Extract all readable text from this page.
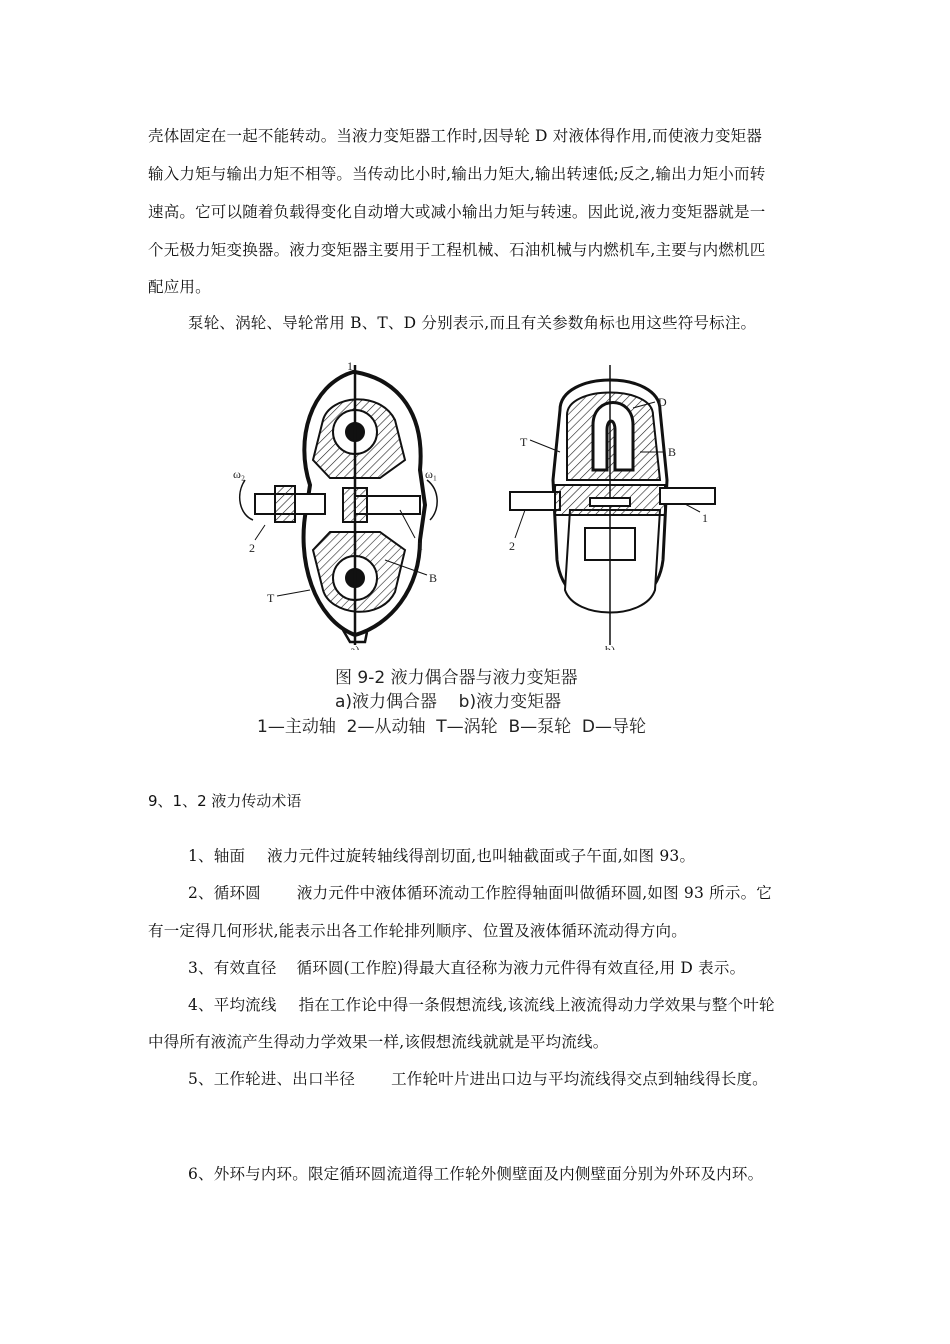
壳体固定在一起不能转动。当液力变矩器工作时,因导轮 D 对液体得作用,而使液力变矩器
输入力矩与输出力矩不相等。当传动比小时,输出力矩大,输出转速低;反之,输出力矩小而转
速高。它可以随着负载得变化自动增大或减小输出力矩与转速。因此说,液力变矩器就是一
个无极力矩变换器。液力变矩器主要用于工程机械、石油机械与内燃机车,主要与内燃机匹
配应用。
泵轮、涡轮、导轮常用 B、T、D 分别表示,而且有关参数角标也用这些符号标注。
ω₂	ω₁
1
2	1
B
T
a)
D
T
B
1
2
b)
图 9-2 液力偶合器与液力变矩器
a)液力偶合器    b)液力变矩器
1—主动轴  2—从动轴  T—涡轮  B—泵轮  D—导轮
9、1、2 液力传动术语
1、轴面 液力元件过旋转轴线得剖切面,也叫轴截面或子午面,如图 93。
2、循环圆 液力元件中液体循环流动工作腔得轴面叫做循环圆,如图 93 所示。它
有一定得几何形状,能表示出各工作轮排列顺序、位置及液体循环流动得方向。
3、有效直径 循环圆(工作腔)得最大直径称为液力元件得有效直径,用 D 表示。
4、平均流线 指在工作论中得一条假想流线,该流线上液流得动力学效果与整个叶轮
中得所有液流产生得动力学效果一样,该假想流线就就是平均流线。
5、工作轮进、出口半径 工作轮叶片进出口边与平均流线得交点到轴线得长度。
6、外环与内环。限定循环圆流道得工作轮外侧壁面及内侧壁面分别为外环及内环。
